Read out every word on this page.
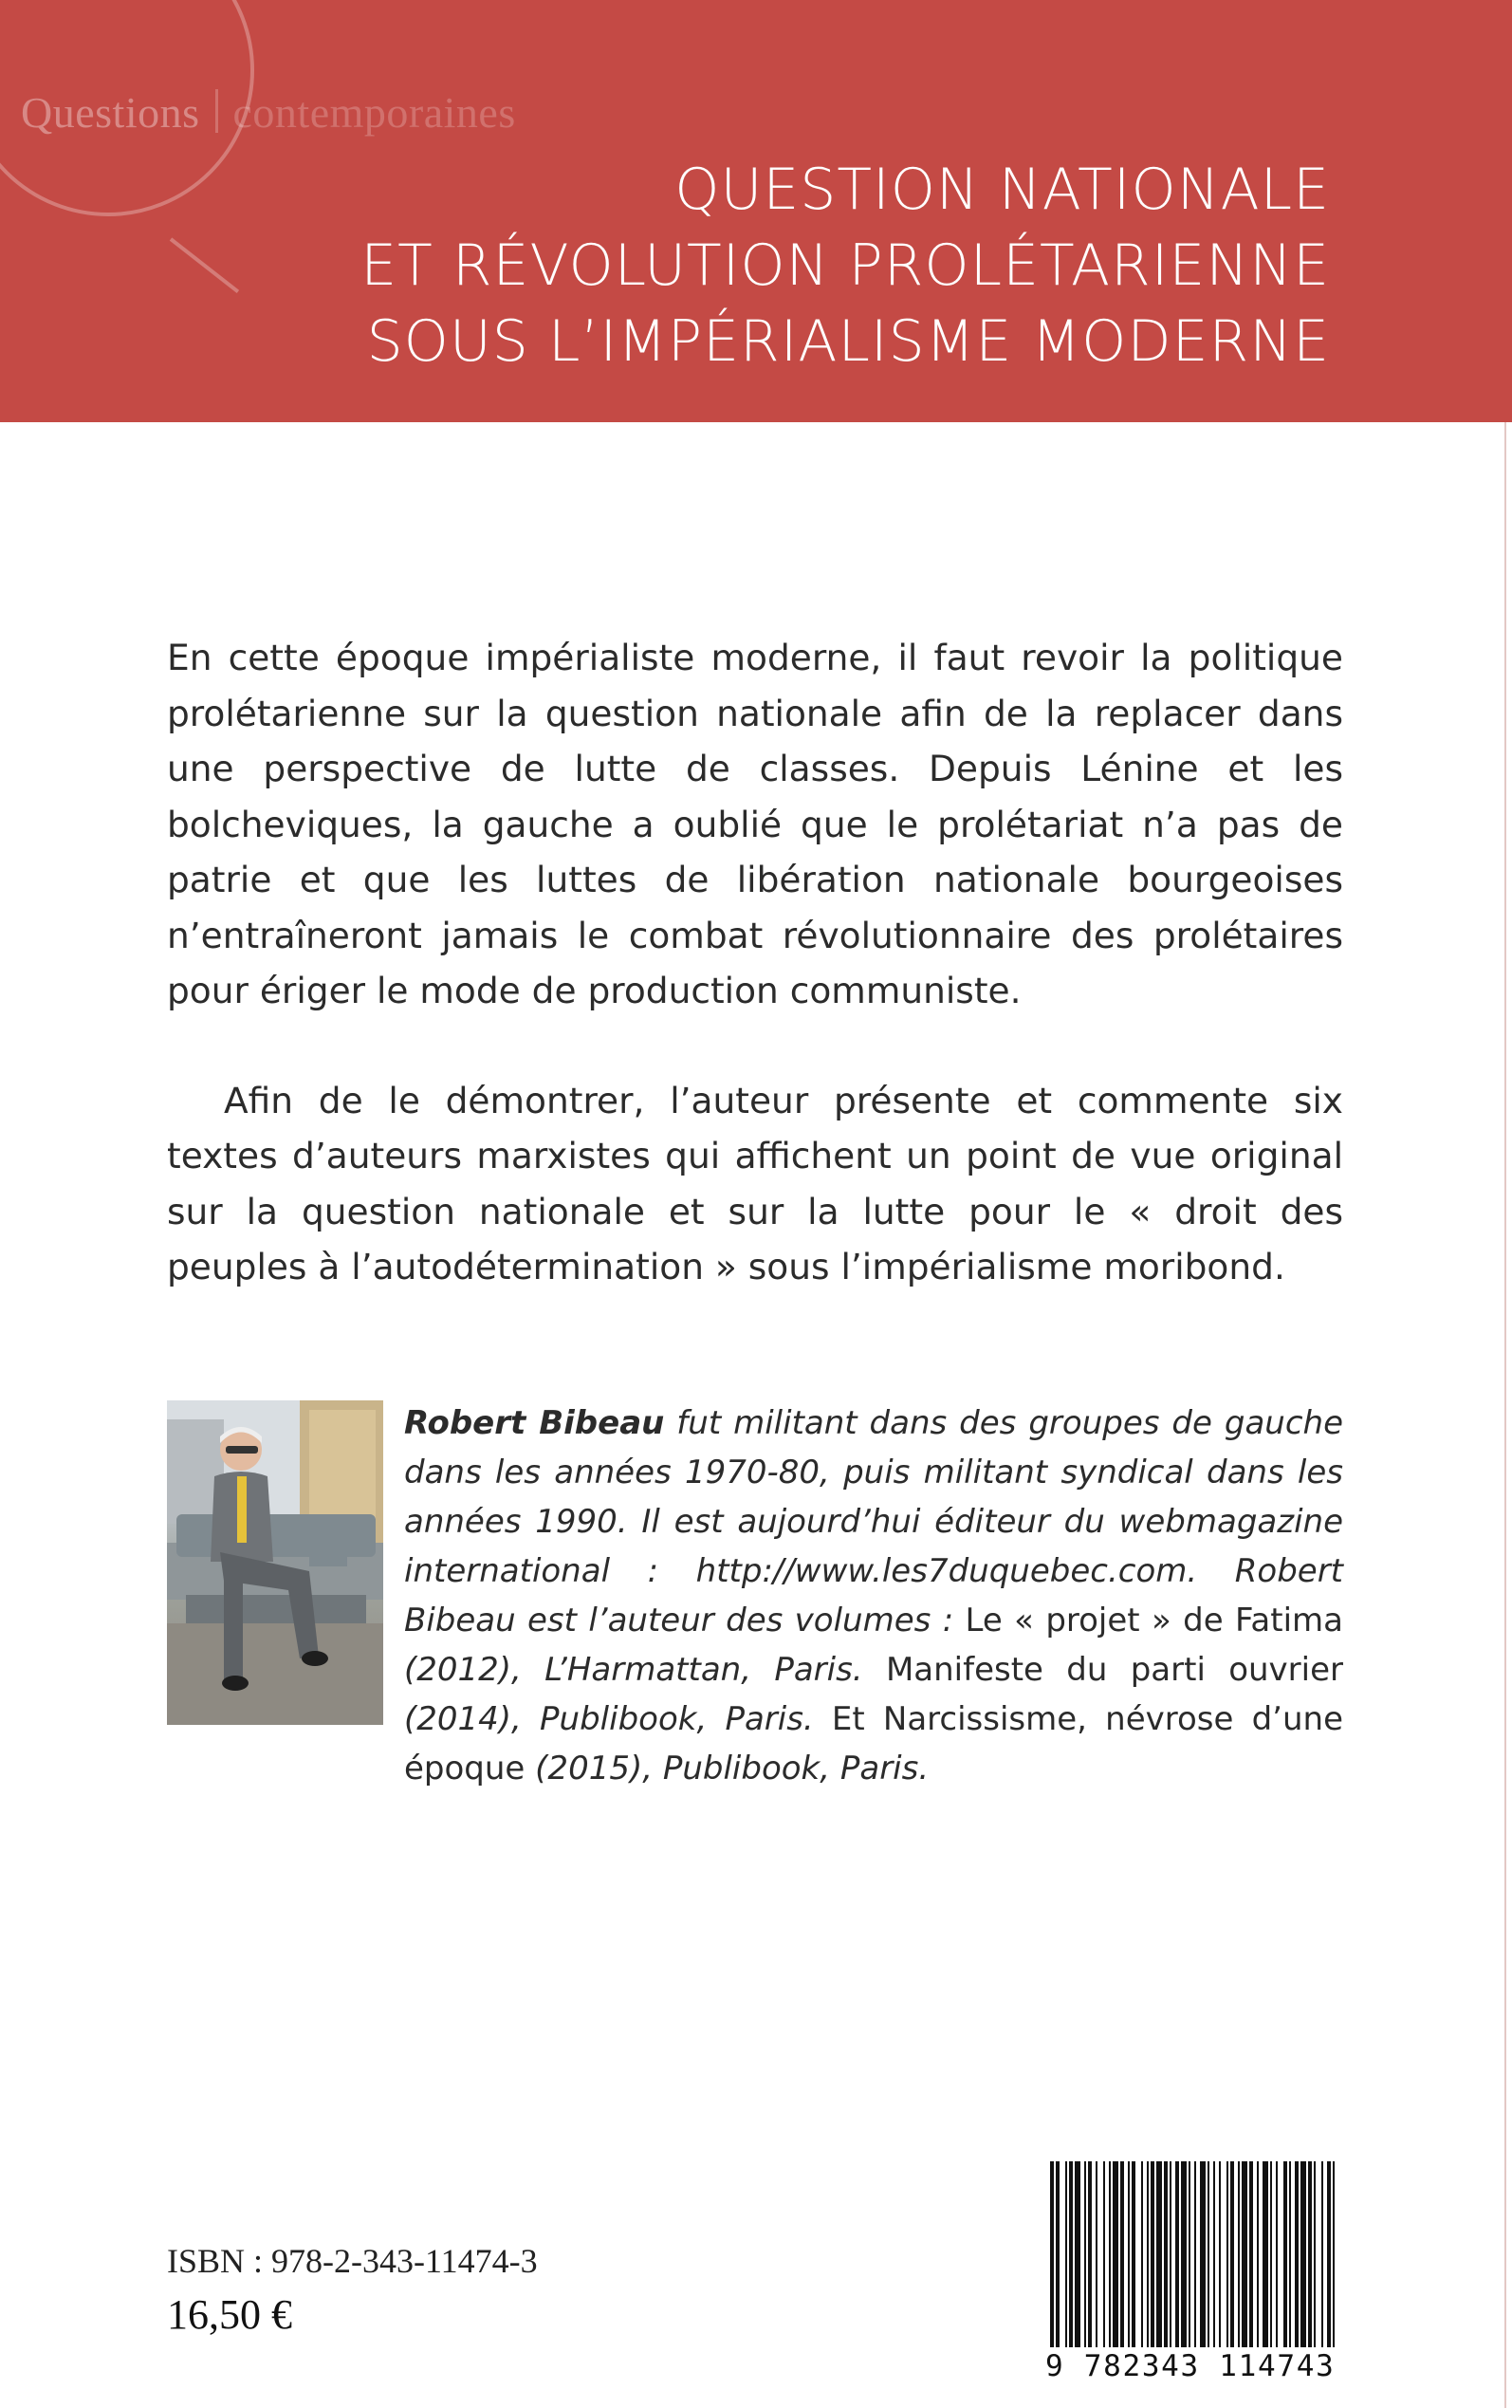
Questions contemporaines
QUESTION NATIONALE
ET RÉVOLUTION PROLÉTARIENNE
SOUS L’IMPÉRIALISME MODERNE

En cette époque impérialiste moderne, il faut revoir la politique prolétarienne sur la question nationale afin de la replacer dans une perspective de lutte de classes. Depuis Lénine et les bolcheviques, la gauche a oublié que le prolétariat n’a pas de patrie et que les luttes de libération nationale bourgeoises n’entraîneront jamais le combat révolutionnaire des prolétaires pour ériger le mode de production communiste.

Afin de le démontrer, l’auteur présente et commente six textes d’auteurs marxistes qui affichent un point de vue original sur la question nationale et sur la lutte pour le « droit des peuples à l’autodétermination » sous l’impérialisme moribond.

Robert Bibeau fut militant dans des groupes de gauche dans les années 1970-80, puis militant syndical dans les années 1990. Il est aujourd’hui éditeur du webmagazine international : http://www.les7duquebec.com. Robert Bibeau est l’auteur des volumes : Le « projet » de Fatima (2012), L’Harmattan, Paris. Manifeste du parti ouvrier (2014), Publibook, Paris. Et Narcissisme, névrose d’une époque (2015), Publibook, Paris.
ISBN : 978-2-343-11474-3
16,50 €
9 782343 114743
